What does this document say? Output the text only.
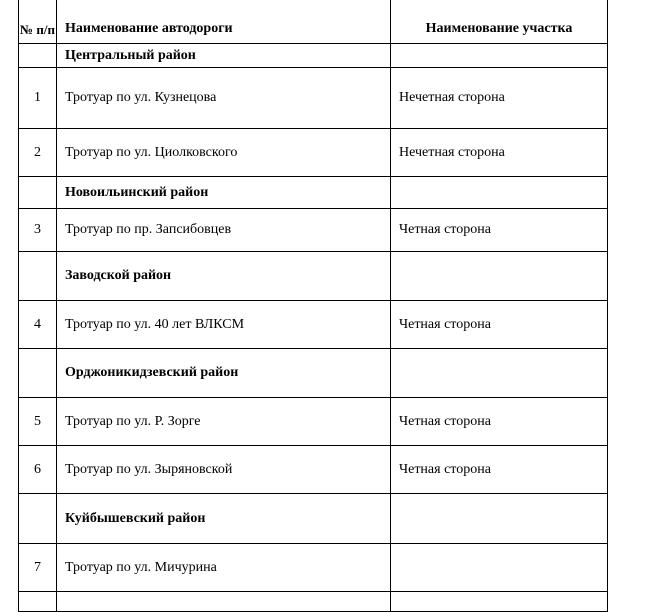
№ п/п	Наименование автодороги	Наименование участка
	Центральный район	
1	Тротуар по ул. Кузнецова	Нечетная сторона
2	Тротуар по ул. Циолковского	Нечетная сторона
	Новоильинский район	
3	Тротуар по пр. Запсибовцев	Четная сторона
	Заводской район	
4	Тротуар по ул. 40 лет ВЛКСМ	Четная сторона
	Орджоникидзевский район	
5	Тротуар по ул. Р. Зорге	Четная сторона
6	Тротуар по ул. Зыряновской	Четная сторона
	Куйбышевский район	
7	Тротуар по ул. Мичурина	
